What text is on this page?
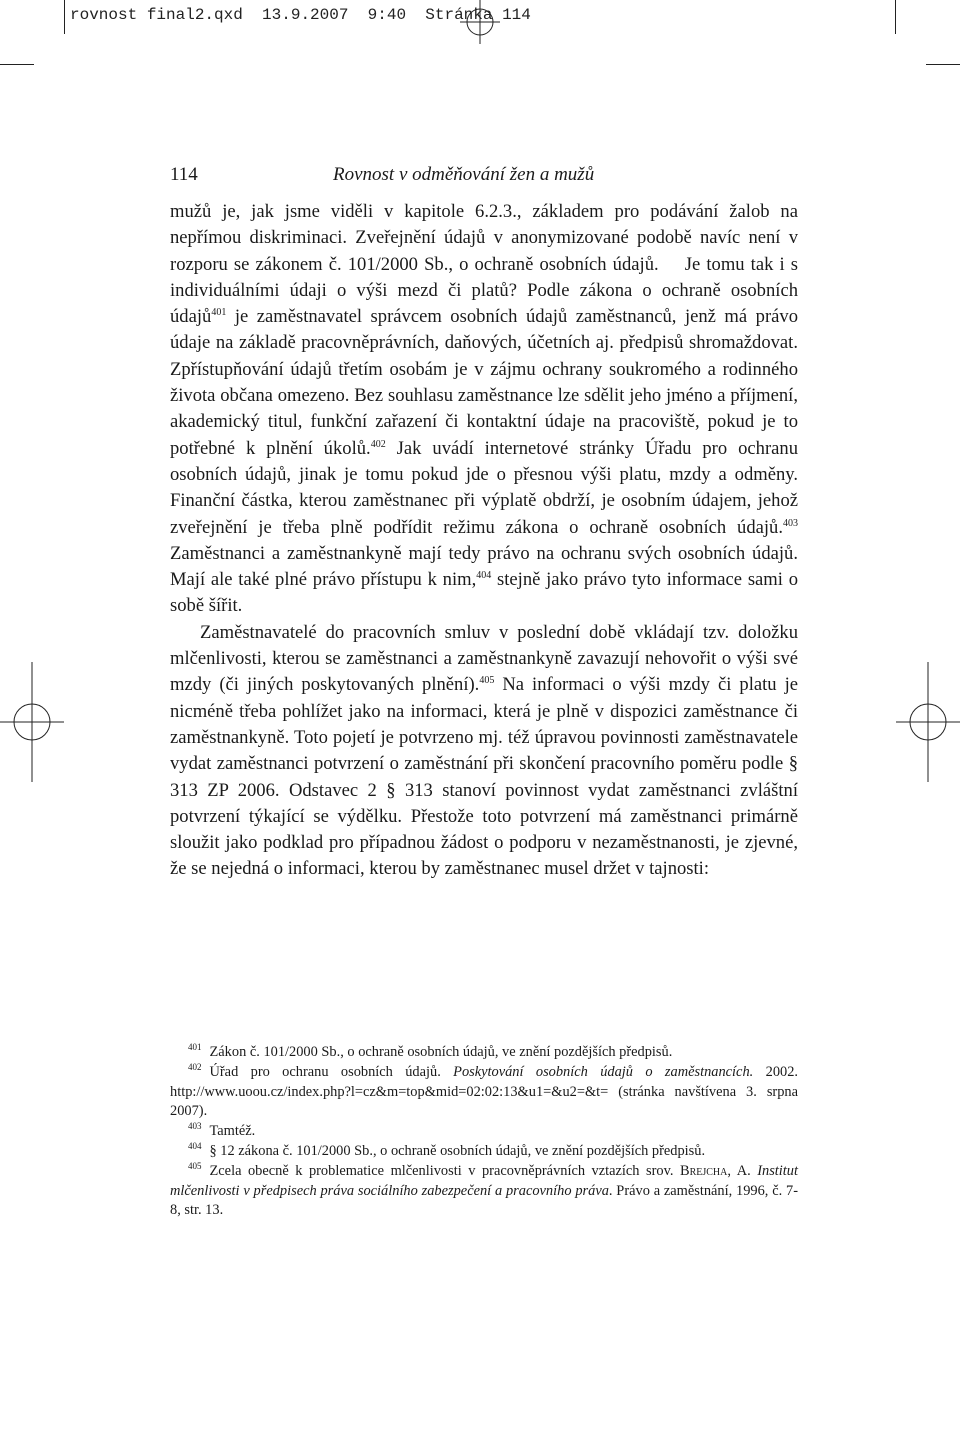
rovnost final2.qxd  13.9.2007  9:40  Stránka 114
114	Rovnost v odměňování žen a mužů

mužů je, jak jsme viděli v kapitole 6.2.3., základem pro podávání žalob na nepřímou diskriminaci. Zveřejnění údajů v anonymizované podobě navíc není v rozporu se zákonem č. 101/2000 Sb., o ochraně osobních údajů. Je tomu tak i s individuálními údaji o výši mezd či platů? Podle zákona o ochraně osobních údajů$^{401}$ je zaměstnavatel správcem osobních údajů zaměstnanců, jenž má právo údaje na základě pracovněprávních, daňových, účetních aj. předpisů shromaždovat. Zpřístupňování údajů třetím osobám je v zájmu ochrany soukromého a rodinného života občana omezeno. Bez souhlasu zaměstnance lze sdělit jeho jméno a příjmení, akademický titul, funkční zařazení či kontaktní údaje na pracoviště, pokud je to potřebné k plnění úkolů.$^{402}$ Jak uvádí internetové stránky Úřadu pro ochranu osobních údajů, jinak je tomu pokud jde o přesnou výši platu, mzdy a odměny. Finanční částka, kterou zaměstnanec při výplatě obdrží, je osobním údajem, jehož zveřejnění je třeba plně podřídit režimu zákona o ochraně osobních údajů.$^{403}$ Zaměstnanci a zaměstnankyně mají tedy právo na ochranu svých osobních údajů. Mají ale také plné právo přístupu k nim,$^{404}$ stejně jako právo tyto informace sami o sobě šířit.

Zaměstnavatelé do pracovních smluv v poslední době vkládají tzv. doložku mlčenlivosti, kterou se zaměstnanci a zaměstnankyně zavazují nehovořit o výši své mzdy (či jiných poskytovaných plnění).$^{405}$ Na informaci o výši mzdy či platu je nicméně třeba pohlížet jako na informaci, která je plně v dispozici zaměstnance či zaměstnankyně. Toto pojetí je potvrzeno mj. též úpravou povinnosti zaměstnavatele vydat zaměstnanci potvrzení o zaměstnání při skončení pracovního poměru podle § 313 ZP 2006. Odstavec 2 § 313 stanoví povinnost vydat zaměstnanci zvláštní potvrzení týkající se výdělku. Přestože toto potvrzení má zaměstnanci primárně sloužit jako podklad pro případnou žádost o podporu v nezaměstnanosti, je zjevné, že se nejedná o informaci, kterou by zaměstnanec musel držet v tajnosti:

$^{401}$ Zákon č. 101/2000 Sb., o ochraně osobních údajů, ve znění pozdějších předpisů.

$^{402}$ Úřad pro ochranu osobních údajů. Poskytování osobních údajů o zaměstnancích. 2002. http://www.uoou.cz/index.php?l=cz&m=top&mid=02:02:13&u1=&u2=&t= (stránka navštívena 3. srpna 2007).

$^{403}$ Tamtéž.

$^{404}$ § 12 zákona č. 101/2000 Sb., o ochraně osobních údajů, ve znění pozdějších předpisů.

$^{405}$ Zcela obecně k problematice mlčenlivosti v pracovněprávních vztazích srov. Brejcha, A. Institut mlčenlivosti v předpisech práva sociálního zabezpečení a pracovního práva. Právo a zaměstnání, 1996, č. 7-8, str. 13.
